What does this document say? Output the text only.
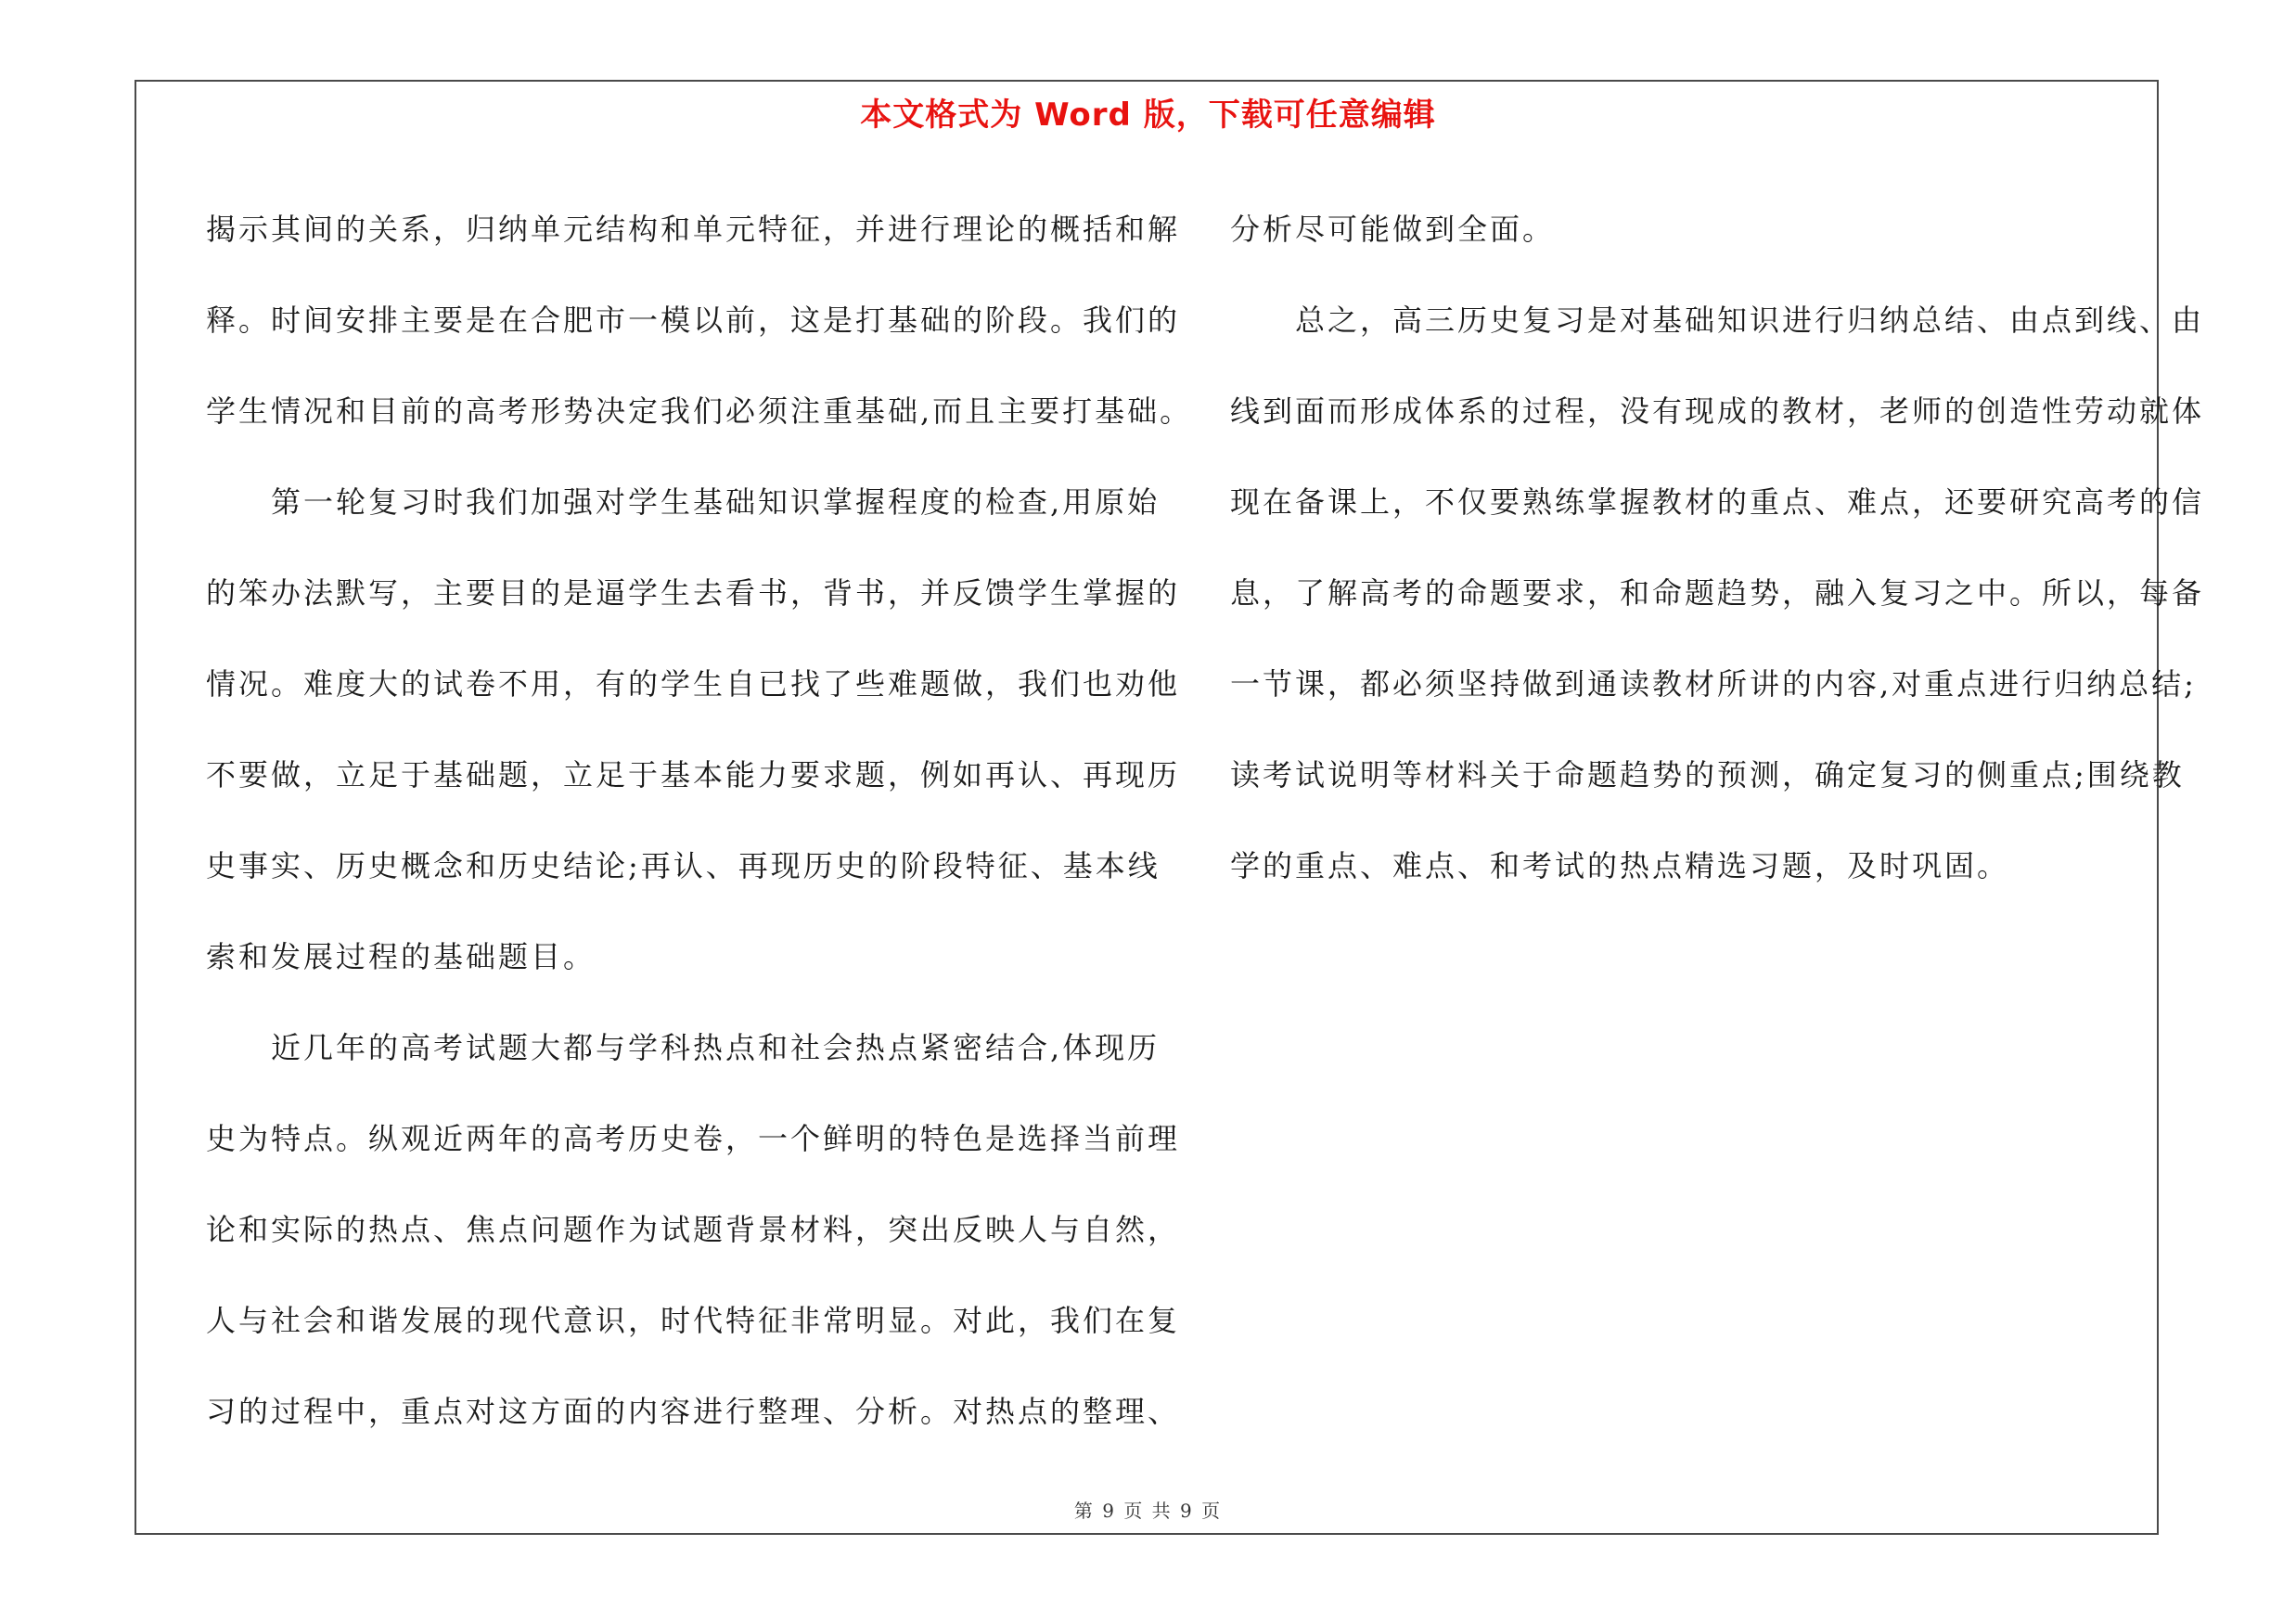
本文格式为 Word 版，下载可任意编辑
揭示其间的关系，归纳单元结构和单元特征，并进行理论的概括和解
释。时间安排主要是在合肥市一模以前，这是打基础的阶段。我们的
学生情况和目前的高考形势决定我们必须注重基础,而且主要打基础。
　　第一轮复习时我们加强对学生基础知识掌握程度的检查,用原始
的笨办法默写，主要目的是逼学生去看书，背书，并反馈学生掌握的
情况。难度大的试卷不用，有的学生自已找了些难题做，我们也劝他
不要做，立足于基础题，立足于基本能力要求题，例如再认、再现历
史事实、历史概念和历史结论;再认、再现历史的阶段特征、基本线
索和发展过程的基础题目。
　　近几年的高考试题大都与学科热点和社会热点紧密结合,体现历
史为特点。纵观近两年的高考历史卷，一个鲜明的特色是选择当前理
论和实际的热点、焦点问题作为试题背景材料，突出反映人与自然，
人与社会和谐发展的现代意识，时代特征非常明显。对此，我们在复
习的过程中，重点对这方面的内容进行整理、分析。对热点的整理、
分析尽可能做到全面。
　　总之，高三历史复习是对基础知识进行归纳总结、由点到线、由
线到面而形成体系的过程，没有现成的教材，老师的创造性劳动就体
现在备课上，不仅要熟练掌握教材的重点、难点，还要研究高考的信
息，了解高考的命题要求，和命题趋势，融入复习之中。所以，每备
一节课，都必须坚持做到通读教材所讲的内容,对重点进行归纳总结;
读考试说明等材料关于命题趋势的预测，确定复习的侧重点;围绕教
学的重点、难点、和考试的热点精选习题，及时巩固。
第 9 页 共 9 页
